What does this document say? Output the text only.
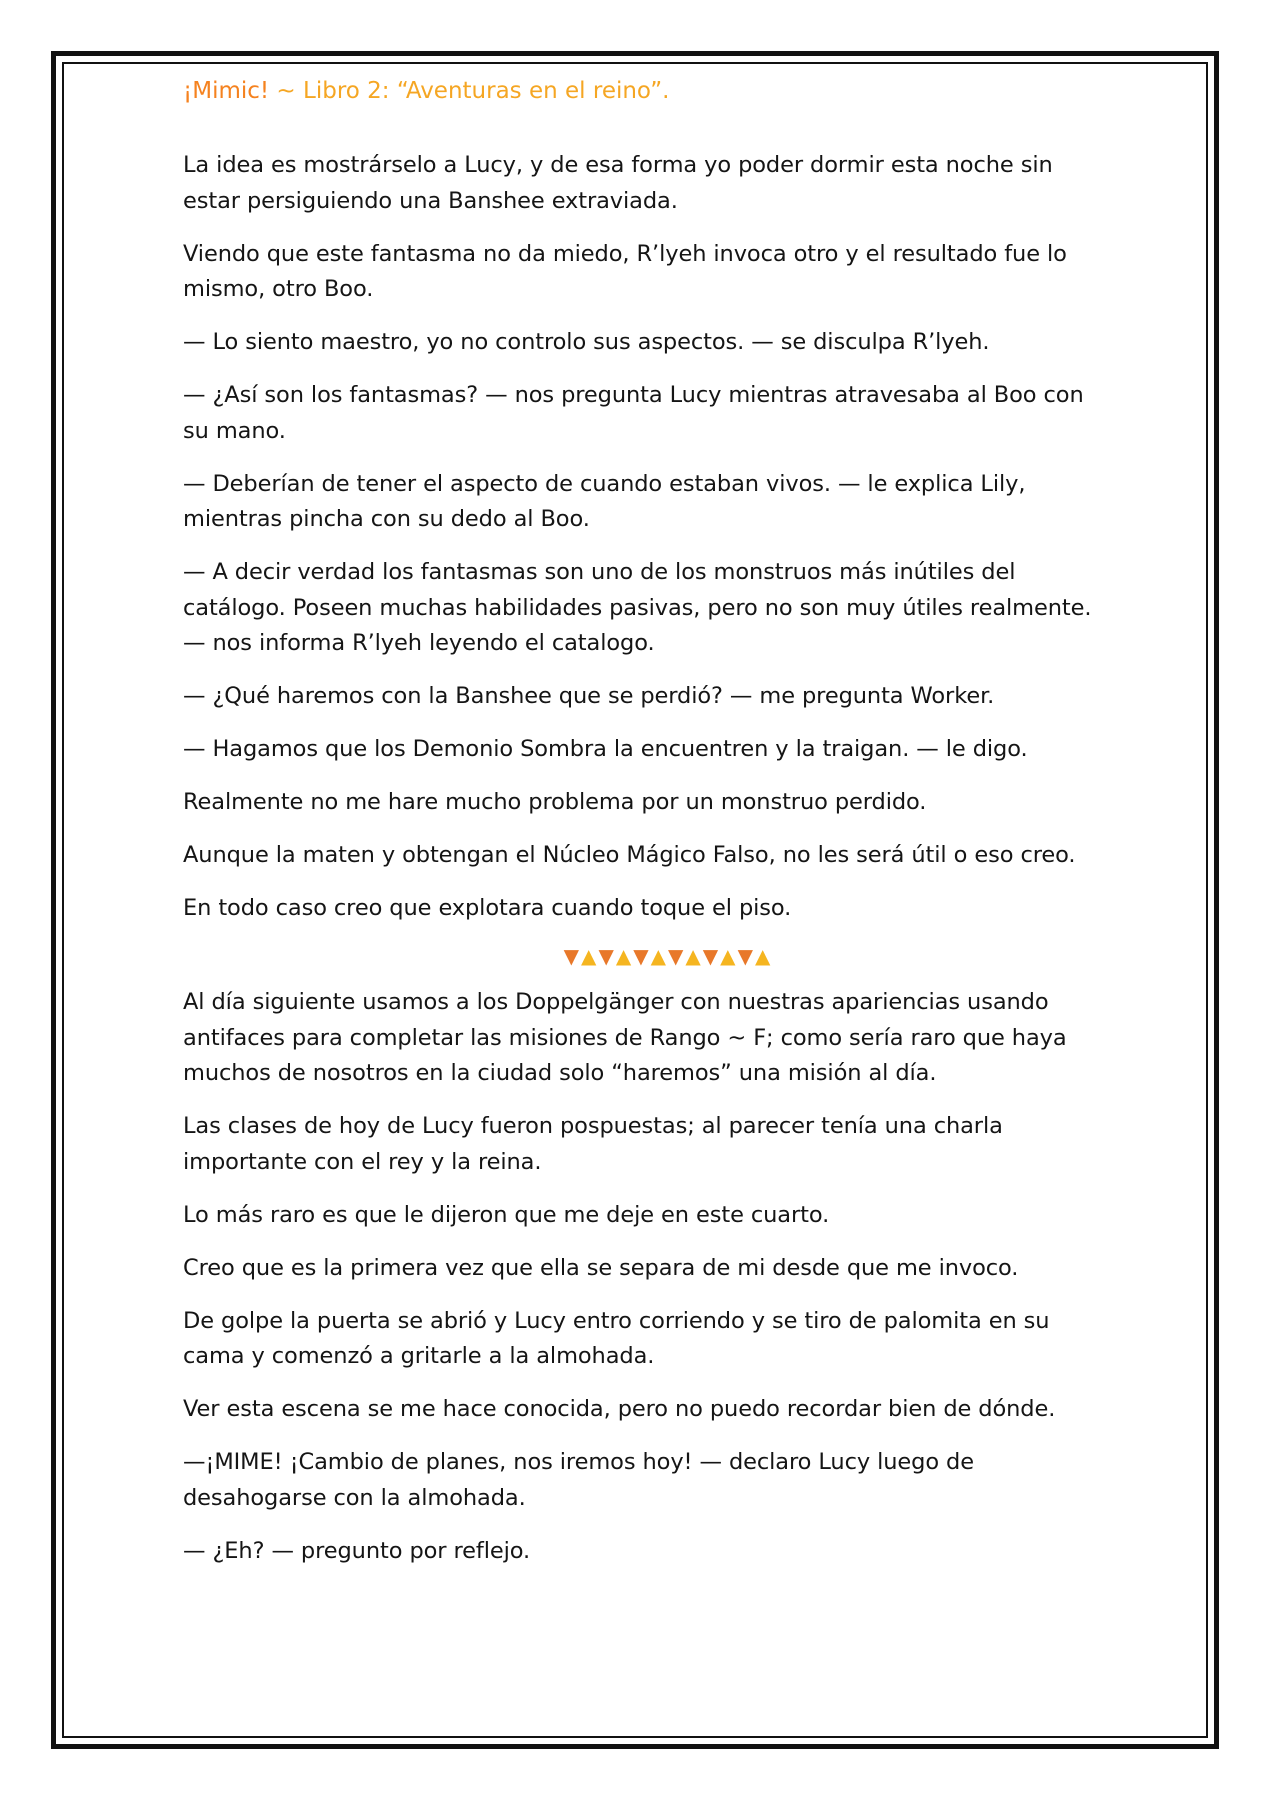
¡Mimic! ~ Libro 2: “Aventuras en el reino”.

La idea es mostrárselo a Lucy, y de esa forma yo poder dormir esta noche sin estar persiguiendo una Banshee extraviada.

Viendo que este fantasma no da miedo, R’lyeh invoca otro y el resultado fue lo mismo, otro Boo.

— Lo siento maestro, yo no controlo sus aspectos. — se disculpa R’lyeh.

— ¿Así son los fantasmas? — nos pregunta Lucy mientras atravesaba al Boo con su mano.

— Deberían de tener el aspecto de cuando estaban vivos. — le explica Lily, mientras pincha con su dedo al Boo.

— A decir verdad los fantasmas son uno de los monstruos más inútiles del catálogo. Poseen muchas habilidades pasivas, pero no son muy útiles realmente. — nos informa R’lyeh leyendo el catalogo.

— ¿Qué haremos con la Banshee que se perdió? — me pregunta Worker.

— Hagamos que los Demonio Sombra la encuentren y la traigan. — le digo.

Realmente no me hare mucho problema por un monstruo perdido.

Aunque la maten y obtengan el Núcleo Mágico Falso, no les será útil o eso creo.

En todo caso creo que explotara cuando toque el piso.

▼▲▼▲▼▲▼▲▼▲▼▲

Al día siguiente usamos a los Doppelgänger con nuestras apariencias usando antifaces para completar las misiones de Rango ~ F; como sería raro que haya muchos de nosotros en la ciudad solo “haremos” una misión al día.

Las clases de hoy de Lucy fueron pospuestas; al parecer tenía una charla importante con el rey y la reina.

Lo más raro es que le dijeron que me deje en este cuarto.

Creo que es la primera vez que ella se separa de mi desde que me invoco.

De golpe la puerta se abrió y Lucy entro corriendo y se tiro de palomita en su cama y comenzó a gritarle a la almohada.

Ver esta escena se me hace conocida, pero no puedo recordar bien de dónde.

—¡MIME! ¡Cambio de planes, nos iremos hoy! — declaro Lucy luego de desahogarse con la almohada.

— ¿Eh? — pregunto por reflejo.
